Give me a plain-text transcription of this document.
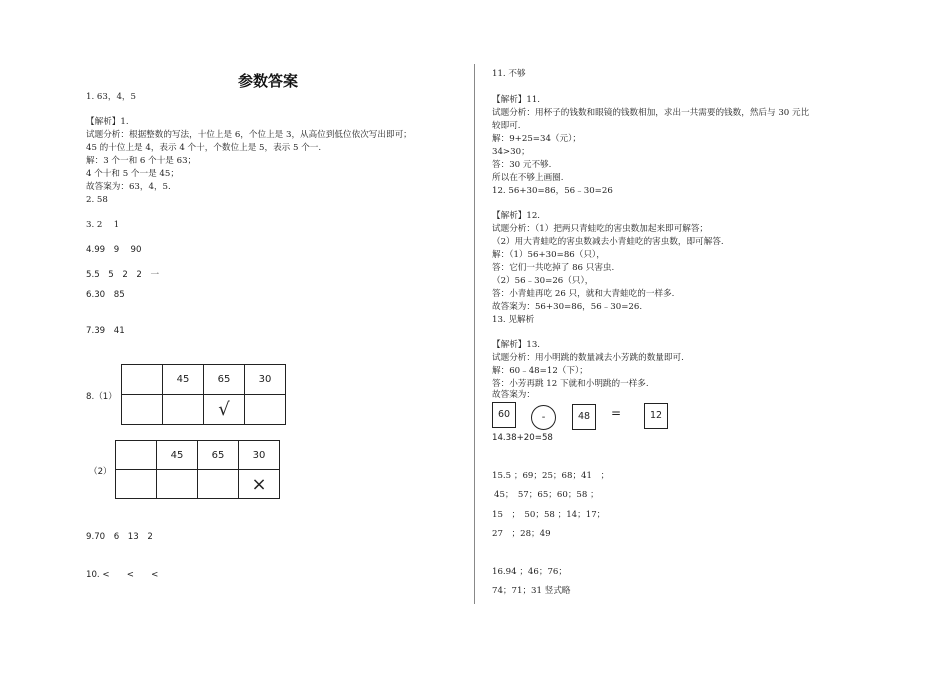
参数答案
1. 63，4，5
【解析】1.
试题分析：根据整数的写法，十位上是 6，个位上是 3，从高位到低位依次写出即可；
45 的十位上是 4，表示 4 个十，个数位上是 5，表示 5 个一.
解：3 个一和 6 个十是 63；
4 个十和 5 个一是 45；
故答案为：63，4，5.
2. 58
3. 2　 1
4.99　9　 90
5.5　5　2　2　一
6.30　85
7.39　41
8.（1）
	45	65	30
		√	
（2）
	45	65	30
			×
9.70　6　13　2
10. <　　<　　<
11. 不够
【解析】11.
试题分析：用杯子的钱数和眼镜的钱数相加，求出一共需要的钱数，然后与 30 元比
较即可.
解：9+25=34（元）；
34>30；
答：30 元不够.
所以在不够上画圈.
12. 56+30=86，56﹣30=26
【解析】12.
试题分析：（1）把两只青蛙吃的害虫数加起来即可解答；
（2）用大青蛙吃的害虫数减去小青蛙吃的害虫数，即可解答.
解：（1）56+30=86（只），
答：它们一共吃掉了 86 只害虫.
（2）56﹣30=26（只），
答：小青蛙再吃 26 只，就和大青蛙吃的一样多.
故答案为：56+30=86，56﹣30=26.
13. 见解析
【解析】13.
试题分析：用小明跳的数量减去小芳跳的数量即可.
解：60﹣48=12（下）；
答：小芳再跳 12 下就和小明跳的一样多.
故答案为：
60	-	48	=	12
14.38+20=58
15.5 ；69；25；68；41　；
45；　57；65；60；58 ；
15　；　50；58 ；14；17；
27　；28；49
16.94 ；46；76；
74；71；31 竖式略
